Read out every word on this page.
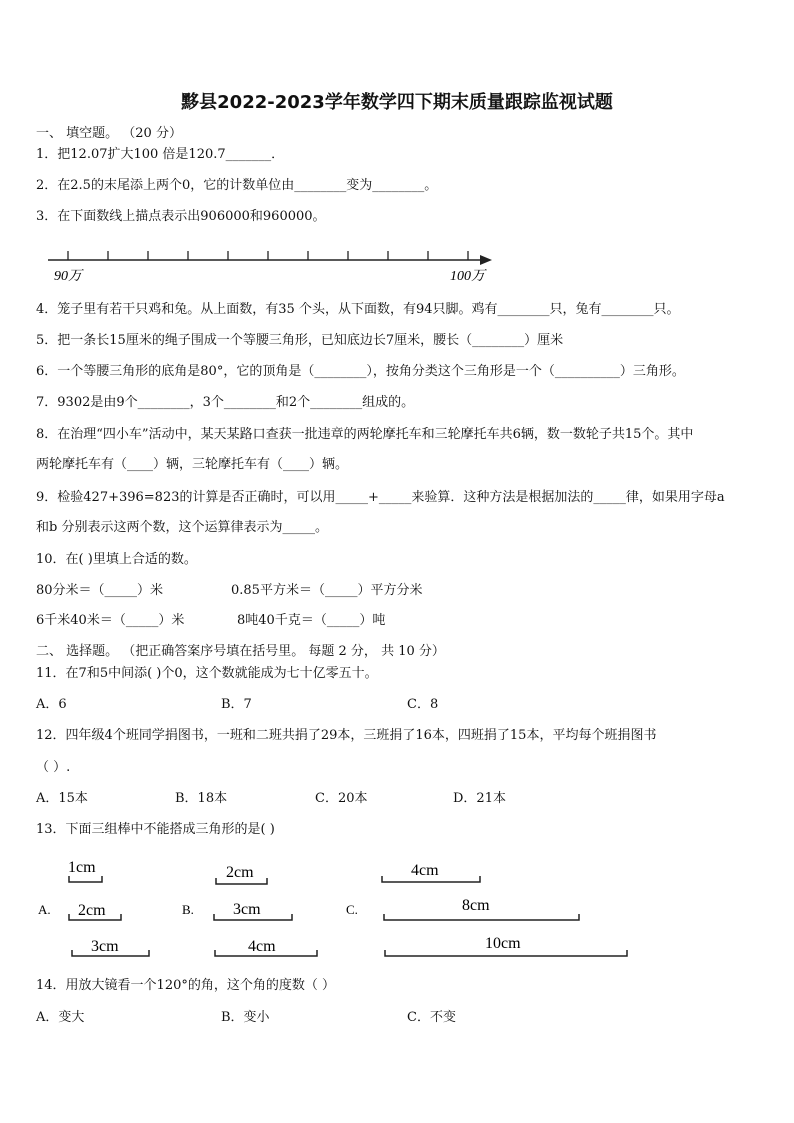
黟县2022-2023学年数学四下期末质量跟踪监视试题
一、 填空题。 （20 分）
1．把12.07扩大100 倍是120.7_______．
2．在2.5的末尾添上两个0，它的计数单位由________变为________。
3．在下面数线上描点表示出906000和960000。
90万	100万
4．笼子里有若干只鸡和兔。从上面数，有35 个头，从下面数，有94只脚。鸡有________只，兔有________只。
5．把一条长15厘米的绳子围成一个等腰三角形，已知底边长7厘米，腰长（________）厘米
6．一个等腰三角形的底角是80°，它的顶角是（________），按角分类这个三角形是一个（__________）三角形。
7．9302是由9个________，3个________和2个________组成的。
8．在治理“四小车”活动中，某天某路口查获一批违章的两轮摩托车和三轮摩托车共6辆，数一数轮子共15个。其中
两轮摩托车有（____）辆，三轮摩托车有（____）辆。
9．检验427+396=823的计算是否正确时，可以用_____+_____来验算．这种方法是根据加法的_____律，如果用字母a
和b 分别表示这两个数，这个运算律表示为_____。
10．在( )里填上合适的数。
80分米＝（_____）米	0.85平方米＝（_____）平方分米
6千米40米＝（_____）米	8吨40千克＝（_____）吨
二、 选择题。 （把正确答案序号填在括号里。 每题 2 分， 共 10 分）
11．在7和5中间添( )个0，这个数就能成为七十亿零五十。
A．6	B．7	C．8
12．四年级4个班同学捐图书，一班和二班共捐了29本，三班捐了16本，四班捐了15本，平均每个班捐图书
（ ）.
A．15本	B．18本	C．20本	D．21本
13．下面三组棒中不能搭成三角形的是( )
A.
1cm
2cm
3cm
B.
2cm
3cm
4cm
C.
4cm
8cm
10cm
14．用放大镜看一个120°的角，这个角的度数（ ）
A．变大	B．变小	C．不变
